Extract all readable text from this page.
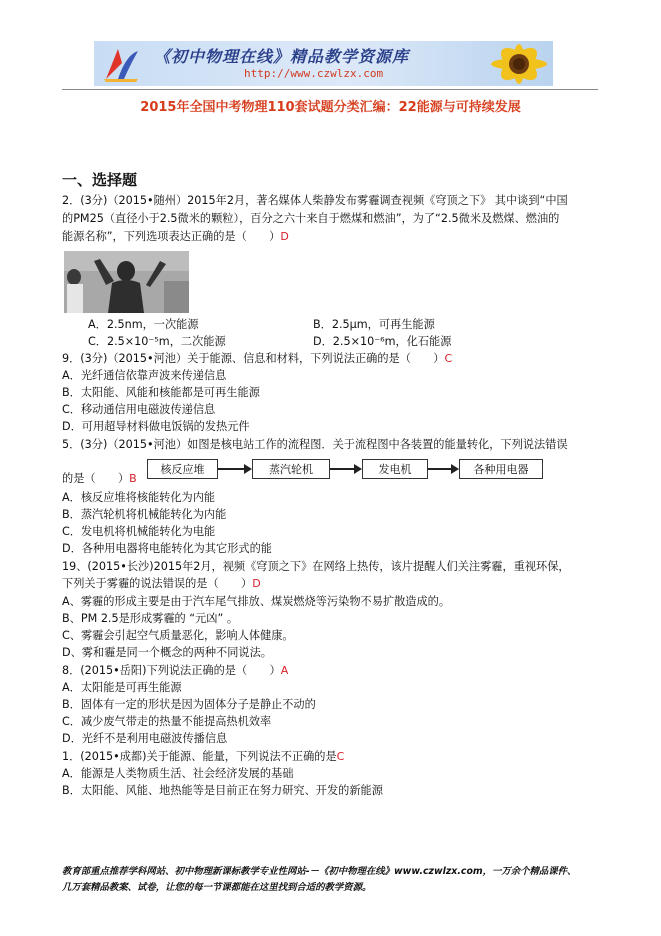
《初中物理在线》精品教学资源库
http://www.czwlzx.com
2015年全国中考物理110套试题分类汇编：22能源与可持续发展
一、选择题
2．(3分)（2015•随州）2015年2月，著名媒体人柴静发布雾霾调查视频《穹顶之下》 其中谈到“中国
的PM25（直径小于2.5微米的颗粒），百分之六十来自于燃煤和燃油”，为了“2.5微米及燃煤、燃油的
能源名称”，下列选项表达正确的是（　　）D
A．2.5nm，一次能源	B．2.5μm，可再生能源
C．2.5×10⁻⁵m，二次能源	D．2.5×10⁻⁶m，化石能源
9．(3分)（2015•河池）关于能源、信息和材料，下列说法正确的是（　　）C
A．光纤通信依靠声波来传递信息
B．太阳能、风能和核能都是可再生能源
C．移动通信用电磁波传递信息
D．可用超导材料做电饭锅的发热元件
5．(3分)（2015•河池）如图是核电站工作的流程图．关于流程图中各装置的能量转化，下列说法错误
的是（　　）B
核反应堆	蒸汽轮机	发电机	各种用电器
A．核反应堆将核能转化为内能
B．蒸汽轮机将机械能转化为内能
C．发电机将机械能转化为电能
D．各种用电器将电能转化为其它形式的能
19、(2015•长沙)2015年2月，视频《穹顶之下》在网络上热传，该片提醒人们关注雾霾，重视环保，
下列关于雾霾的说法错误的是（　　）D
A、雾霾的形成主要是由于汽车尾气排放、煤炭燃烧等污染物不易扩散造成的。
B、PM 2.5是形成雾霾的 “元凶” 。
C、雾霾会引起空气质量恶化，影响人体健康。
D、雾和霾是同一个概念的两种不同说法。
8．(2015•岳阳)下列说法正确的是（　　）A
A．太阳能是可再生能源
B．固体有一定的形状是因为固体分子是静止不动的
C．减少废气带走的热量不能提高热机效率
D．光纤不是利用电磁波传播信息
1．(2015•成都)关于能源、能量，下列说法不正确的是C
A．能源是人类物质生活、社会经济发展的基础
B．太阳能、风能、地热能等是目前正在努力研究、开发的新能源
教育部重点推荐学科网站、初中物理新课标教学专业性网站-－《初中物理在线》www.czwlzx.com，一万余个精品课件、
几万套精品教案、试卷，让您的每一节课都能在这里找到合适的教学资源。
